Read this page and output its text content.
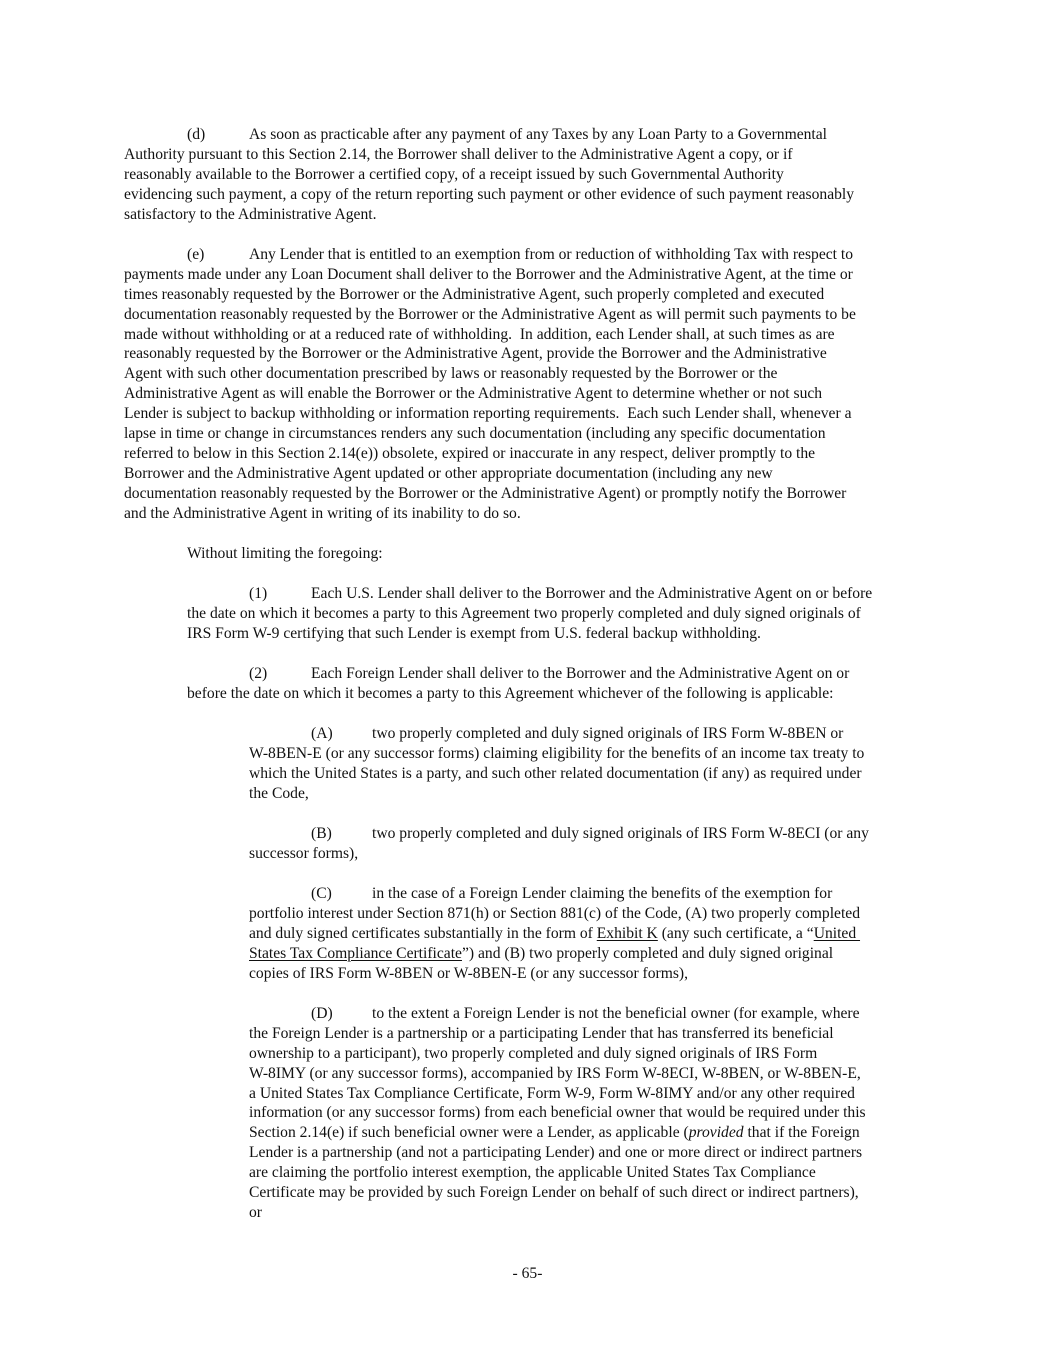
(d)	As soon as practicable after any payment of any Taxes by any Loan Party to a Governmental
Authority pursuant to this Section 2.14, the Borrower shall deliver to the Administrative Agent a copy, or if
reasonably available to the Borrower a certified copy, of a receipt issued by such Governmental Authority
evidencing such payment, a copy of the return reporting such payment or other evidence of such payment reasonably
satisfactory to the Administrative Agent.
(e)	Any Lender that is entitled to an exemption from or reduction of withholding Tax with respect to
payments made under any Loan Document shall deliver to the Borrower and the Administrative Agent, at the time or
times reasonably requested by the Borrower or the Administrative Agent, such properly completed and executed
documentation reasonably requested by the Borrower or the Administrative Agent as will permit such payments to be
made without withholding or at a reduced rate of withholding.  In addition, each Lender shall, at such times as are
reasonably requested by the Borrower or the Administrative Agent, provide the Borrower and the Administrative
Agent with such other documentation prescribed by laws or reasonably requested by the Borrower or the
Administrative Agent as will enable the Borrower or the Administrative Agent to determine whether or not such
Lender is subject to backup withholding or information reporting requirements.  Each such Lender shall, whenever a
lapse in time or change in circumstances renders any such documentation (including any specific documentation
referred to below in this Section 2.14(e)) obsolete, expired or inaccurate in any respect, deliver promptly to the
Borrower and the Administrative Agent updated or other appropriate documentation (including any new
documentation reasonably requested by the Borrower or the Administrative Agent) or promptly notify the Borrower
and the Administrative Agent in writing of its inability to do so.
Without limiting the foregoing:
(1)	Each U.S. Lender shall deliver to the Borrower and the Administrative Agent on or before
the date on which it becomes a party to this Agreement two properly completed and duly signed originals of
IRS Form W-9 certifying that such Lender is exempt from U.S. federal backup withholding.
(2)	Each Foreign Lender shall deliver to the Borrower and the Administrative Agent on or
before the date on which it becomes a party to this Agreement whichever of the following is applicable:
(A)	two properly completed and duly signed originals of IRS Form W-8BEN or
W-8BEN-E (or any successor forms) claiming eligibility for the benefits of an income tax treaty to
which the United States is a party, and such other related documentation (if any) as required under
the Code,
(B)	two properly completed and duly signed originals of IRS Form W-8ECI (or any
successor forms),
(C)	in the case of a Foreign Lender claiming the benefits of the exemption for
portfolio interest under Section 871(h) or Section 881(c) of the Code, (A) two properly completed
and duly signed certificates substantially in the form of Exhibit K (any such certificate, a “United
States Tax Compliance Certificate”) and (B) two properly completed and duly signed original
copies of IRS Form W-8BEN or W-8BEN-E (or any successor forms),
(D)	to the extent a Foreign Lender is not the beneficial owner (for example, where
the Foreign Lender is a partnership or a participating Lender that has transferred its beneficial
ownership to a participant), two properly completed and duly signed originals of IRS Form
W-8IMY (or any successor forms), accompanied by IRS Form W-8ECI, W-8BEN, or W-8BEN-E,
a United States Tax Compliance Certificate, Form W-9, Form W-8IMY and/or any other required
information (or any successor forms) from each beneficial owner that would be required under this
Section 2.14(e) if such beneficial owner were a Lender, as applicable (provided that if the Foreign
Lender is a partnership (and not a participating Lender) and one or more direct or indirect partners
are claiming the portfolio interest exemption, the applicable United States Tax Compliance
Certificate may be provided by such Foreign Lender on behalf of such direct or indirect partners),
or
- 65-
